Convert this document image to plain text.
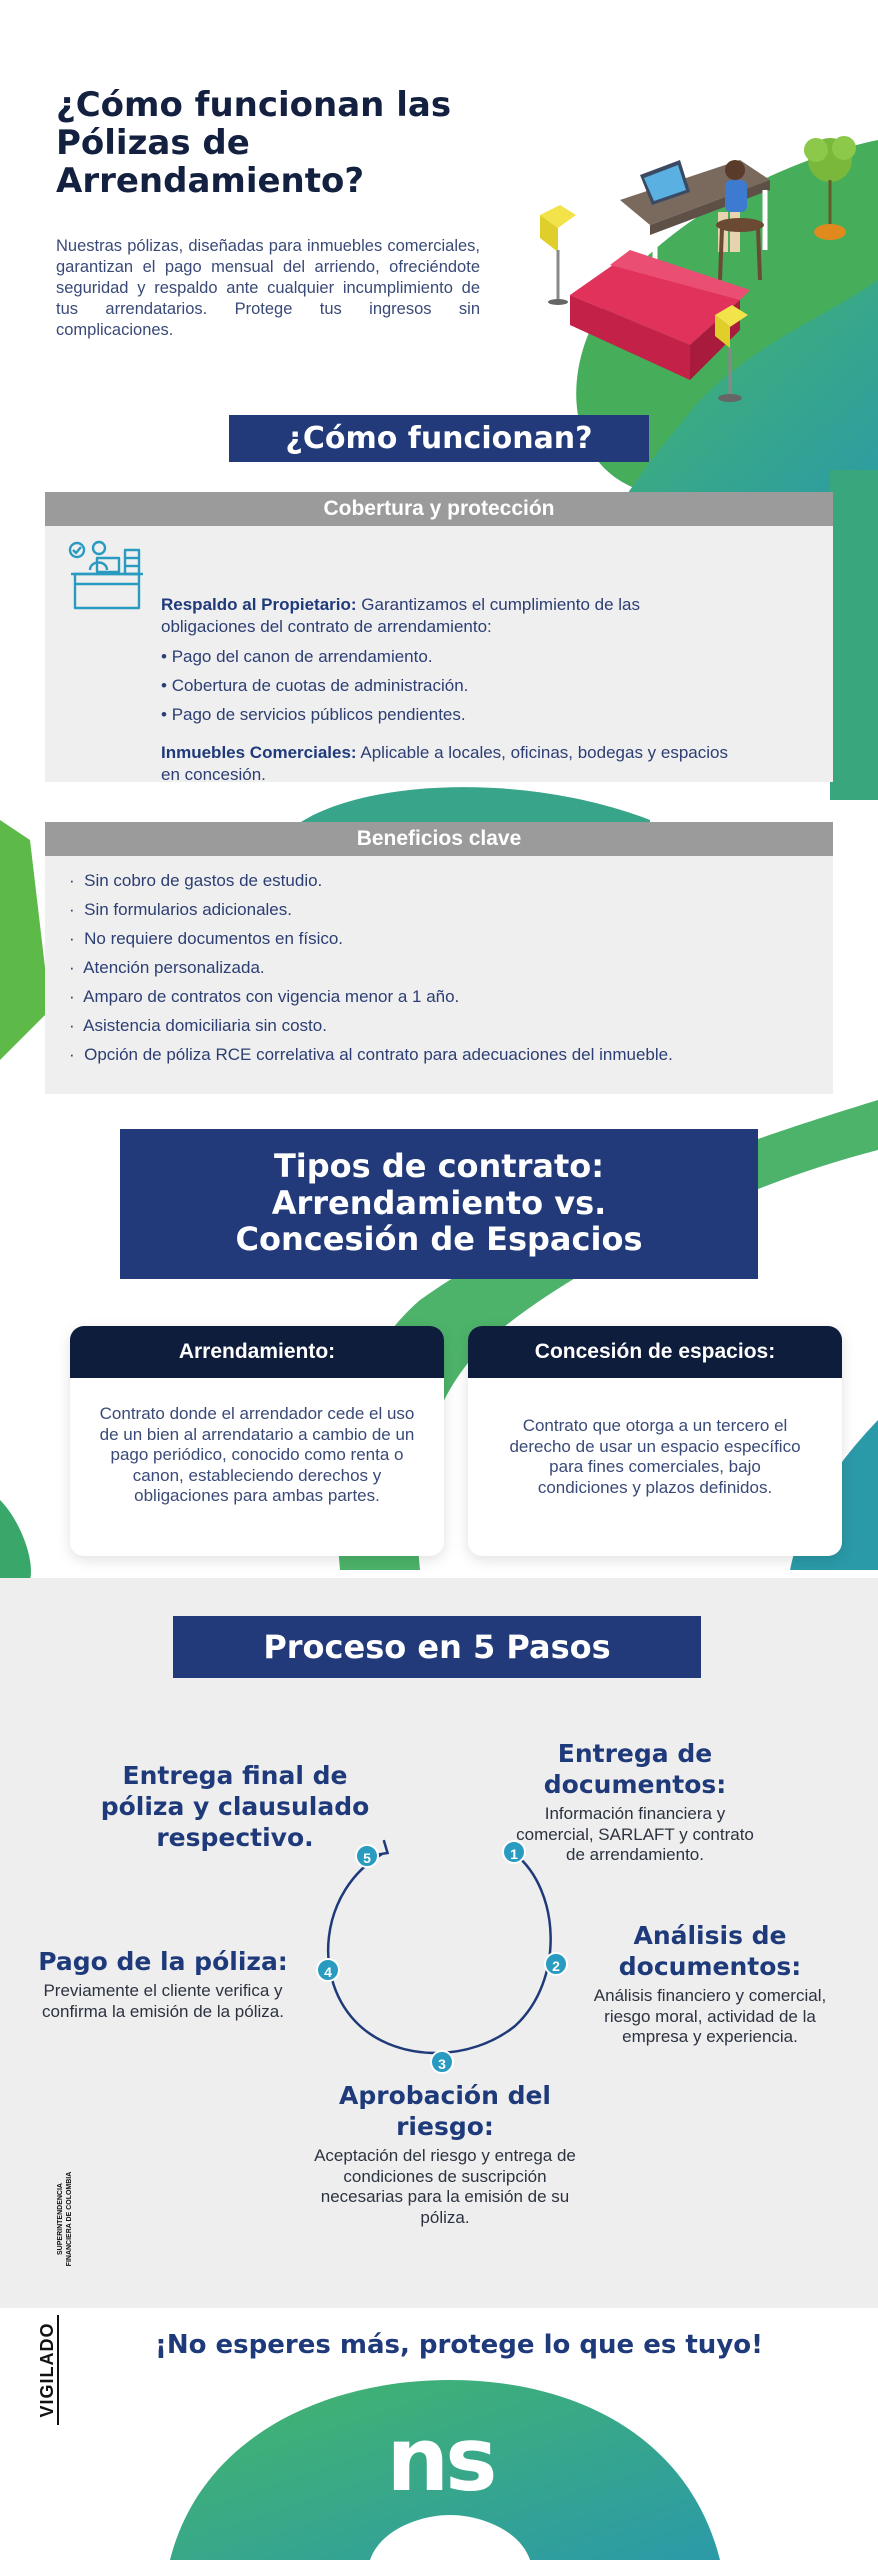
¿Cómo funcionan las Pólizas de Arrendamiento?

Nuestras pólizas, diseñadas para inmuebles comerciales, garantizan el pago mensual del arriendo, ofreciéndote seguridad y respaldo ante cualquier incumplimiento de tus arrendatarios. Protege tus ingresos sin complicaciones.

¿Cómo funcionan?
Cobertura y protección

Respaldo al Propietario: Garantizamos el cumplimiento de las obligaciones del contrato de arrendamiento:

• Pago del canon de arrendamiento.

• Cobertura de cuotas de administración.

• Pago de servicios públicos pendientes.

Inmuebles Comerciales: Aplicable a locales, oficinas, bodegas y espacios en concesión.

Beneficios clave

·  Sin cobro de gastos de estudio.

·  Sin formularios adicionales.

·  No requiere documentos en físico.

·  Atención personalizada.

·  Amparo de contratos con vigencia menor a 1 año.

·  Asistencia domiciliaria sin costo.

·  Opción de póliza RCE correlativa al contrato para adecuaciones del inmueble.

Tipos de contrato:
Arrendamiento vs.
Concesión de Espacios
Arrendamiento:

Contrato donde el arrendador cede el uso de un bien al arrendatario a cambio de un pago periódico, conocido como renta o canon, estableciendo derechos y obligaciones para ambas partes.

Concesión de espacios:

Contrato que otorga a un tercero el derecho de usar un espacio específico para fines comerciales, bajo condiciones y plazos definidos.

Proceso en 5 Pasos
1
2
3
4
5
Entrega de documentos:

Información financiera y comercial, SARLAFT y contrato de arrendamiento.

Análisis de documentos:

Análisis financiero y comercial, riesgo moral, actividad de la empresa y experiencia.

Aprobación del riesgo:

Aceptación del riesgo y entrega de condiciones de suscripción necesarias para la emisión de su póliza.

Pago de la póliza:

Previamente el cliente verifica y confirma la emisión de la póliza.

Entrega final de póliza y clausulado respectivo.
SUPERINTENDENCIA FINANCIERA DE COLOMBIA
VIGILADO	¡No esperes más, protege lo que es tuyo!
ns
